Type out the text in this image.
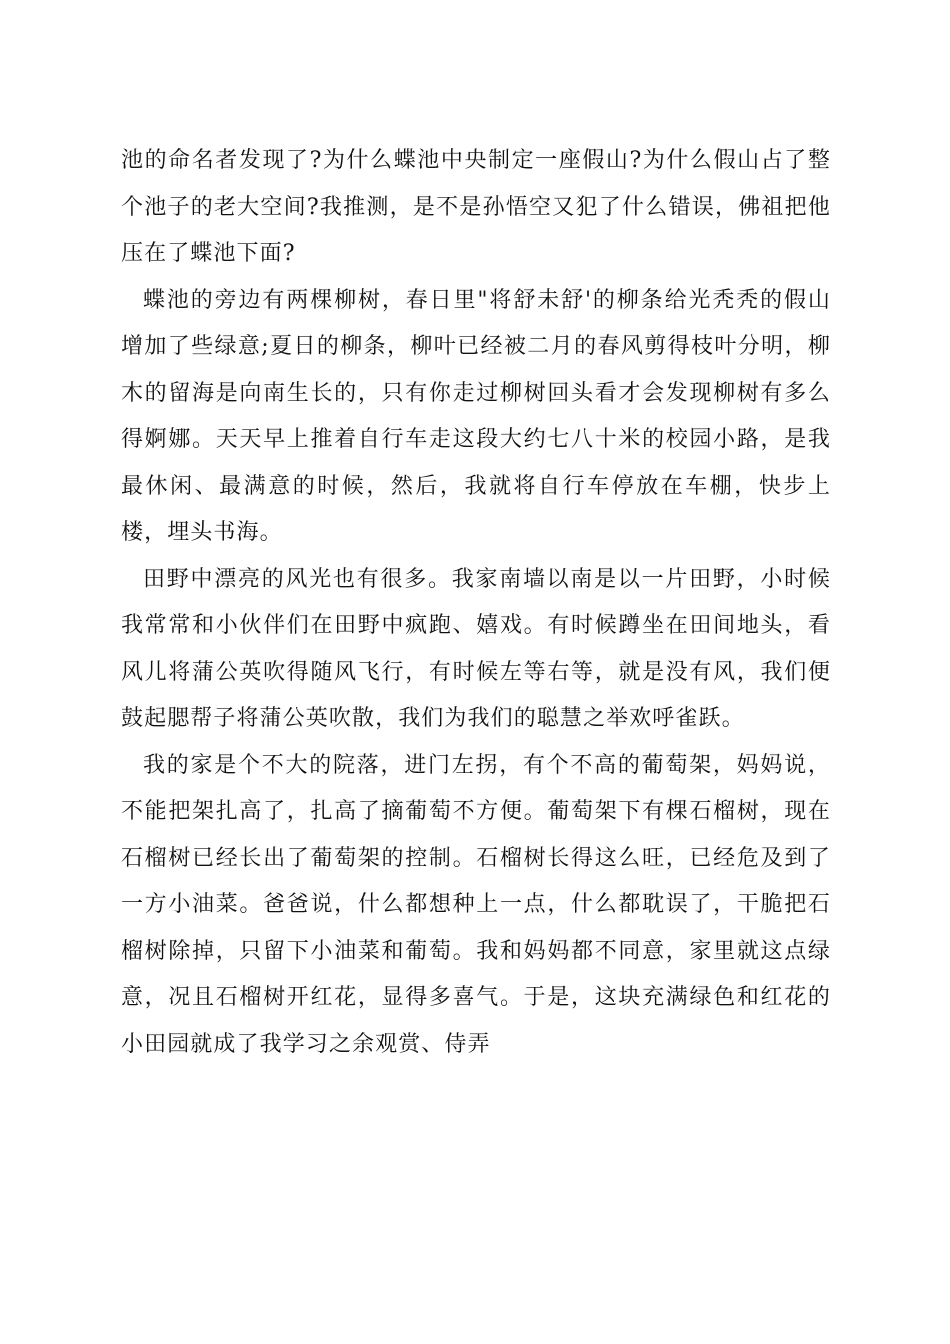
池的命名者发现了?为什么蝶池中央制定一座假山?为什么假山占了整个池子的老大空间?我推测，是不是孙悟空又犯了什么错误，佛祖把他压在了蝶池下面?

蝶池的旁边有两棵柳树，春日里"将舒未舒'的柳条给光秃秃的假山增加了些绿意;夏日的柳条，柳叶已经被二月的春风剪得枝叶分明，柳木的留海是向南生长的，只有你走过柳树回头看才会发现柳树有多么得婀娜。天天早上推着自行车走这段大约七八十米的校园小路，是我最休闲、最满意的时候，然后，我就将自行车停放在车棚，快步上楼，埋头书海。

田野中漂亮的风光也有很多。我家南墙以南是以一片田野，小时候我常常和小伙伴们在田野中疯跑、嬉戏。有时候蹲坐在田间地头，看风儿将蒲公英吹得随风飞行，有时候左等右等，就是没有风，我们便鼓起腮帮子将蒲公英吹散，我们为我们的聪慧之举欢呼雀跃。

我的家是个不大的院落，进门左拐，有个不高的葡萄架，妈妈说，不能把架扎高了，扎高了摘葡萄不方便。葡萄架下有棵石榴树，现在石榴树已经长出了葡萄架的控制。石榴树长得这么旺，已经危及到了一方小油菜。爸爸说，什么都想种上一点，什么都耽误了，干脆把石榴树除掉，只留下小油菜和葡萄。我和妈妈都不同意，家里就这点绿意，况且石榴树开红花，显得多喜气。于是，这块充满绿色和红花的小田园就成了我学习之余观赏、侍弄
